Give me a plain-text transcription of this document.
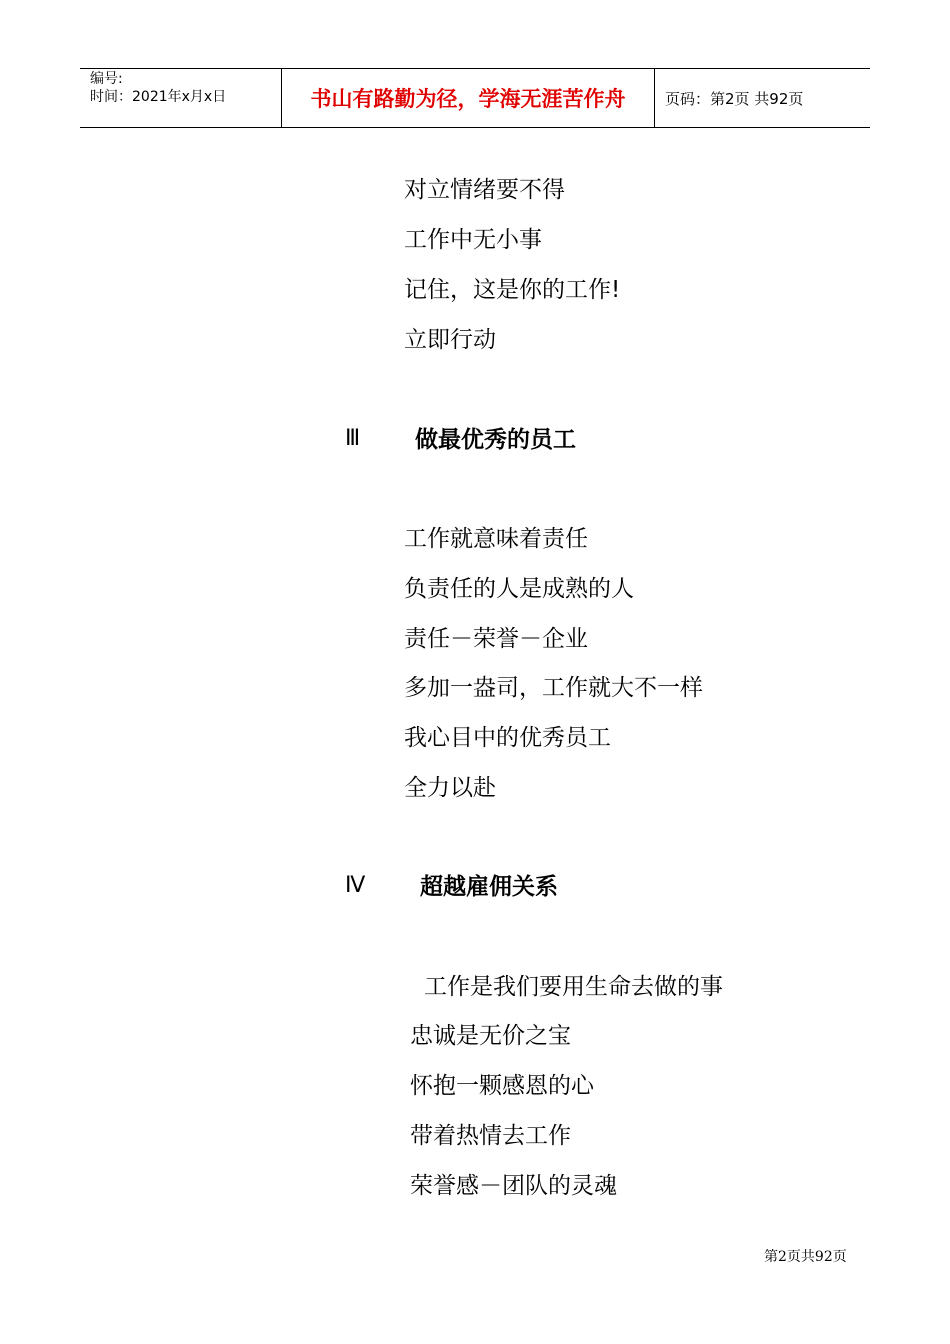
编号:
时间：2021年x月x日	书山有路勤为径，学海无涯苦作舟	页码：第2页 共92页
对立情绪要不得
工作中无小事
记住，这是你的工作!
立即行动
Ⅲ 做最优秀的员工
工作就意味着责任
负责任的人是成熟的人
责任－荣誉－企业
多加一盎司，工作就大不一样
我心目中的优秀员工
全力以赴
Ⅳ 超越雇佣关系
工作是我们要用生命去做的事
忠诚是无价之宝
怀抱一颗感恩的心
带着热情去工作
荣誉感－团队的灵魂
第2页共92页
